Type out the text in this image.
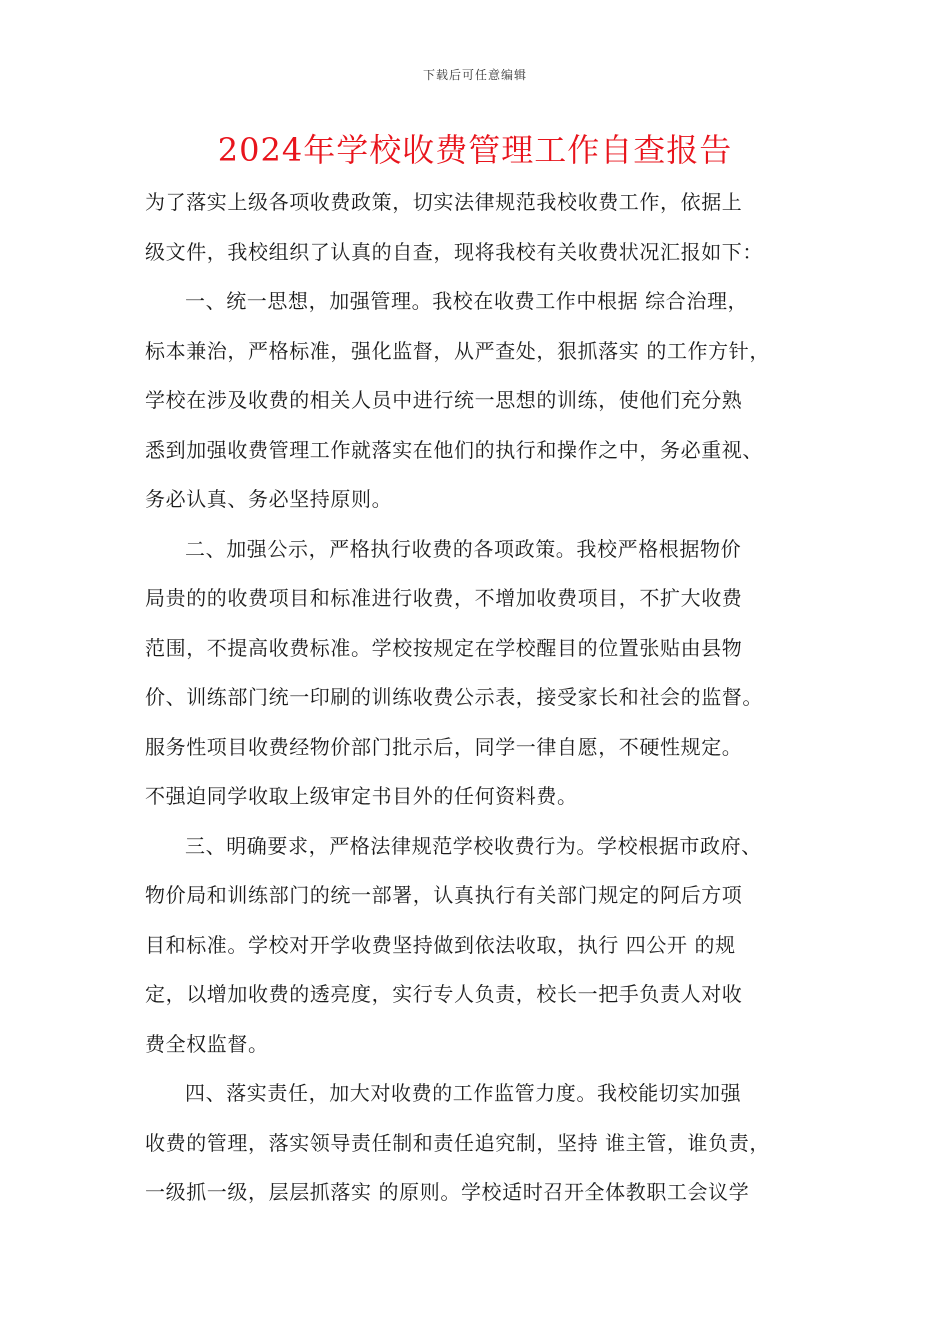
下载后可任意编辑
2024年学校收费管理工作自查报告

为了落实上级各项收费政策，切实法律规范我校收费工作，依据上
级文件，我校组织了认真的自查，现将我校有关收费状况汇报如下：

一、统一思想，加强管理。我校在收费工作中根据 综合治理，
标本兼治，严格标准，强化监督，从严查处，狠抓落实 的工作方针，
学校在涉及收费的相关人员中进行统一思想的训练，使他们充分熟
悉到加强收费管理工作就落实在他们的执行和操作之中，务必重视、
务必认真、务必坚持原则。

二、加强公示，严格执行收费的各项政策。我校严格根据物价
局贵的的收费项目和标准进行收费，不增加收费项目，不扩大收费
范围，不提高收费标准。学校按规定在学校醒目的位置张贴由县物
价、训练部门统一印刷的训练收费公示表，接受家长和社会的监督。
服务性项目收费经物价部门批示后，同学一律自愿，不硬性规定。
不强迫同学收取上级审定书目外的任何资料费。

三、明确要求，严格法律规范学校收费行为。学校根据市政府、
物价局和训练部门的统一部署，认真执行有关部门规定的阿后方项
目和标准。学校对开学收费坚持做到依法收取，执行 四公开 的规
定，以增加收费的透亮度，实行专人负责，校长一把手负责人对收
费全权监督。

四、落实责任，加大对收费的工作监管力度。我校能切实加强
收费的管理，落实领导责任制和责任追究制，坚持 谁主管，谁负责，
一级抓一级，层层抓落实 的原则。学校适时召开全体教职工会议学
